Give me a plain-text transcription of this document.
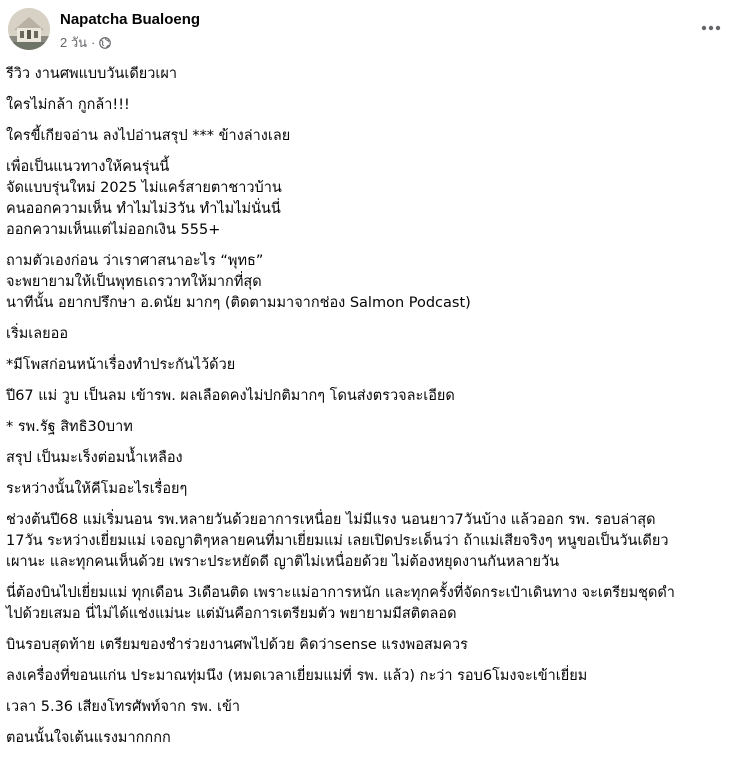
Napatcha Bualoeng
2 วัน ·
รีวิว งานศพแบบวันเดียวเผา
ใครไม่กล้า กูกล้า!!!
ใครขี้เกียจอ่าน ลงไปอ่านสรุป *** ข้างล่างเลย
เพื่อเป็นแนวทางให้คนรุ่นนี้
จัดแบบรุ่นใหม่ 2025 ไม่แคร์สายตาชาวบ้าน
คนออกความเห็น ทำไมไม่3วัน ทำไมไม่นั่นนี่
ออกความเห็นแต่ไม่ออกเงิน 555+
ถามตัวเองก่อน ว่าเราศาสนาอะไร “พุทธ”
จะพยายามให้เป็นพุทธเถรวาทให้มากที่สุด
นาทีนั้น อยากปรึกษา อ.ดนัย มากๆ (ติดตามมาจากช่อง Salmon Podcast)
เริ่มเลยออ
*มีโพสก่อนหน้าเรื่องทำประกันไว้ด้วย
ปี67 แม่ วูบ เป็นลม เข้ารพ. ผลเลือดคงไม่ปกติมากๆ โดนส่งตรวจละเอียด
* รพ.รัฐ สิทธิ30บาท
สรุป เป็นมะเร็งต่อมน้ำเหลือง
ระหว่างนั้นให้คีโมอะไรเรื่อยๆ
ช่วงต้นปี68 แม่เริ่มนอน รพ.หลายวันด้วยอาการเหนื่อย ไม่มีแรง นอนยาว7วันบ้าง แล้วออก รพ. รอบล่าสุด
17วัน ระหว่างเยี่ยมแม่ เจอญาติๆหลายคนที่มาเยี่ยมแม่ เลยเปิดประเด็นว่า ถ้าแม่เสียจริงๆ หนูขอเป็นวันเดียว
เผานะ และทุกคนเห็นด้วย เพราะประหยัดดี ญาติไม่เหนื่อยด้วย ไม่ต้องหยุดงานกันหลายวัน
นี่ต้องบินไปเยี่ยมแม่ ทุกเดือน 3เดือนติด เพราะแม่อาการหนัก และทุกครั้งที่จัดกระเป๋าเดินทาง จะเตรียมชุดดำ
ไปด้วยเสมอ นี่ไม่ได้แช่งแม่นะ แต่มันคือการเตรียมตัว พยายามมีสติตลอด
บินรอบสุดท้าย เตรียมของชำร่วยงานศพไปด้วย คิดว่าsense แรงพอสมควร
ลงเครื่องที่ขอนแก่น ประมาณทุ่มนึง (หมดเวลาเยี่ยมแม่ที่ รพ. แล้ว) กะว่า รอบ6โมงจะเข้าเยี่ยม
เวลา 5.36 เสียงโทรศัพท์จาก รพ. เข้า
ตอนนั้นใจเต้นแรงมากกกก
